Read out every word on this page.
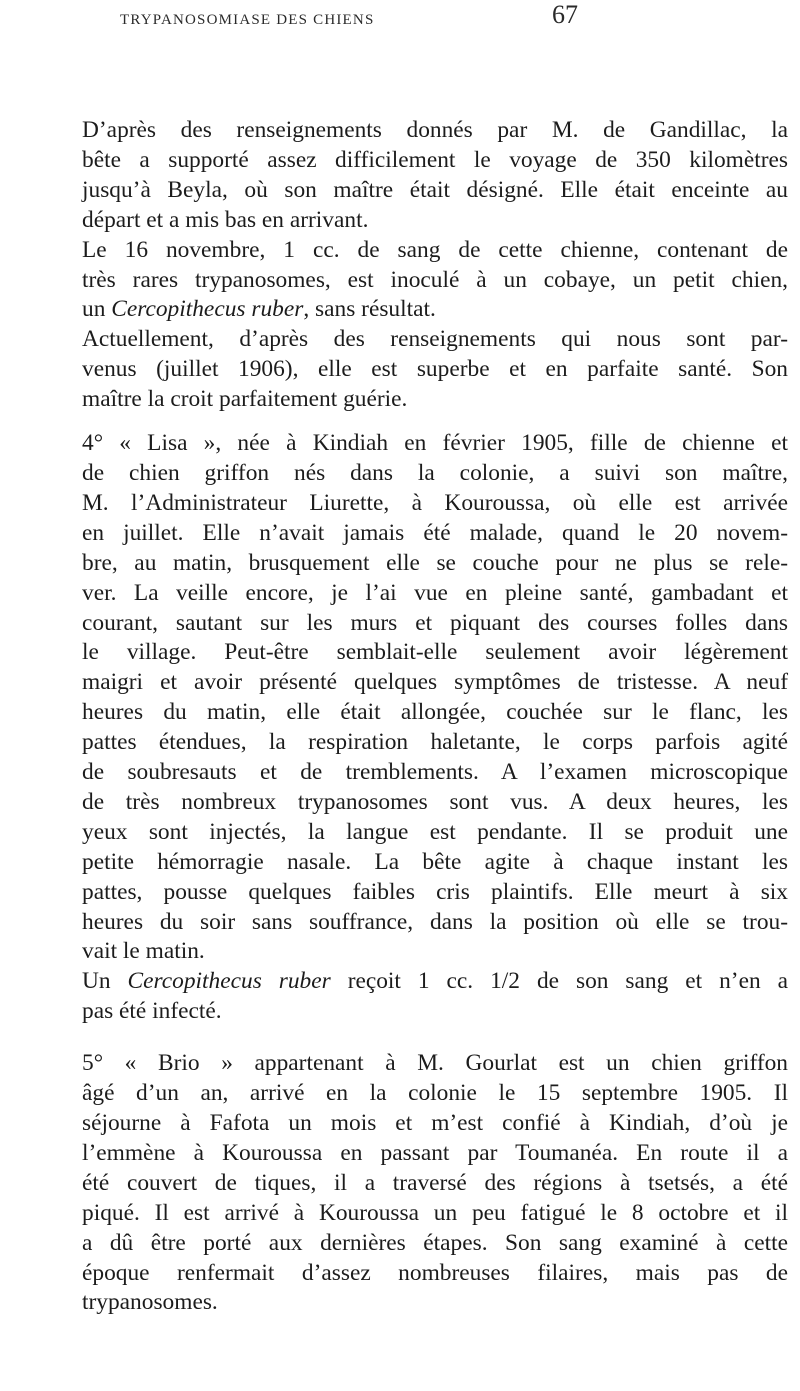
TRYPANOSOMIASE DES CHIENS	67

D’après des renseignements donnés par M. de Gandillac, la
bête a supporté assez difficilement le voyage de 350 kilomètres
jusqu’à Beyla, où son maître était désigné. Elle était enceinte au
départ et a mis bas en arrivant.

Le 16 novembre, 1 cc. de sang de cette chienne, contenant de
très rares trypanosomes, est inoculé à un cobaye, un petit chien,
un Cercopithecus ruber, sans résultat.

Actuellement, d’après des renseignements qui nous sont par-
venus (juillet 1906), elle est superbe et en parfaite santé. Son
maître la croit parfaitement guérie.

4° « Lisa », née à Kindiah en février 1905, fille de chienne et
de chien griffon nés dans la colonie, a suivi son maître,
M. l’Administrateur Liurette, à Kouroussa, où elle est arrivée
en juillet. Elle n’avait jamais été malade, quand le 20 novem-
bre, au matin, brusquement elle se couche pour ne plus se rele-
ver. La veille encore, je l’ai vue en pleine santé, gambadant et
courant, sautant sur les murs et piquant des courses folles dans
le village. Peut-être semblait-elle seulement avoir légèrement
maigri et avoir présenté quelques symptômes de tristesse. A neuf
heures du matin, elle était allongée, couchée sur le flanc, les
pattes étendues, la respiration haletante, le corps parfois agité
de soubresauts et de tremblements. A l’examen microscopique
de très nombreux trypanosomes sont vus. A deux heures, les
yeux sont injectés, la langue est pendante. Il se produit une
petite hémorragie nasale. La bête agite à chaque instant les
pattes, pousse quelques faibles cris plaintifs. Elle meurt à six
heures du soir sans souffrance, dans la position où elle se trou-
vait le matin.

Un Cercopithecus ruber reçoit 1 cc. 1/2 de son sang et n’en a
pas été infecté.

5° « Brio » appartenant à M. Gourlat est un chien griffon
âgé d’un an, arrivé en la colonie le 15 septembre 1905. Il
séjourne à Fafota un mois et m’est confié à Kindiah, d’où je
l’emmène à Kouroussa en passant par Toumanéa. En route il a
été couvert de tiques, il a traversé des régions à tsetsés, a été
piqué. Il est arrivé à Kouroussa un peu fatigué le 8 octobre et il
a dû être porté aux dernières étapes. Son sang examiné à cette
époque renfermait d’assez nombreuses filaires, mais pas de
trypanosomes.
